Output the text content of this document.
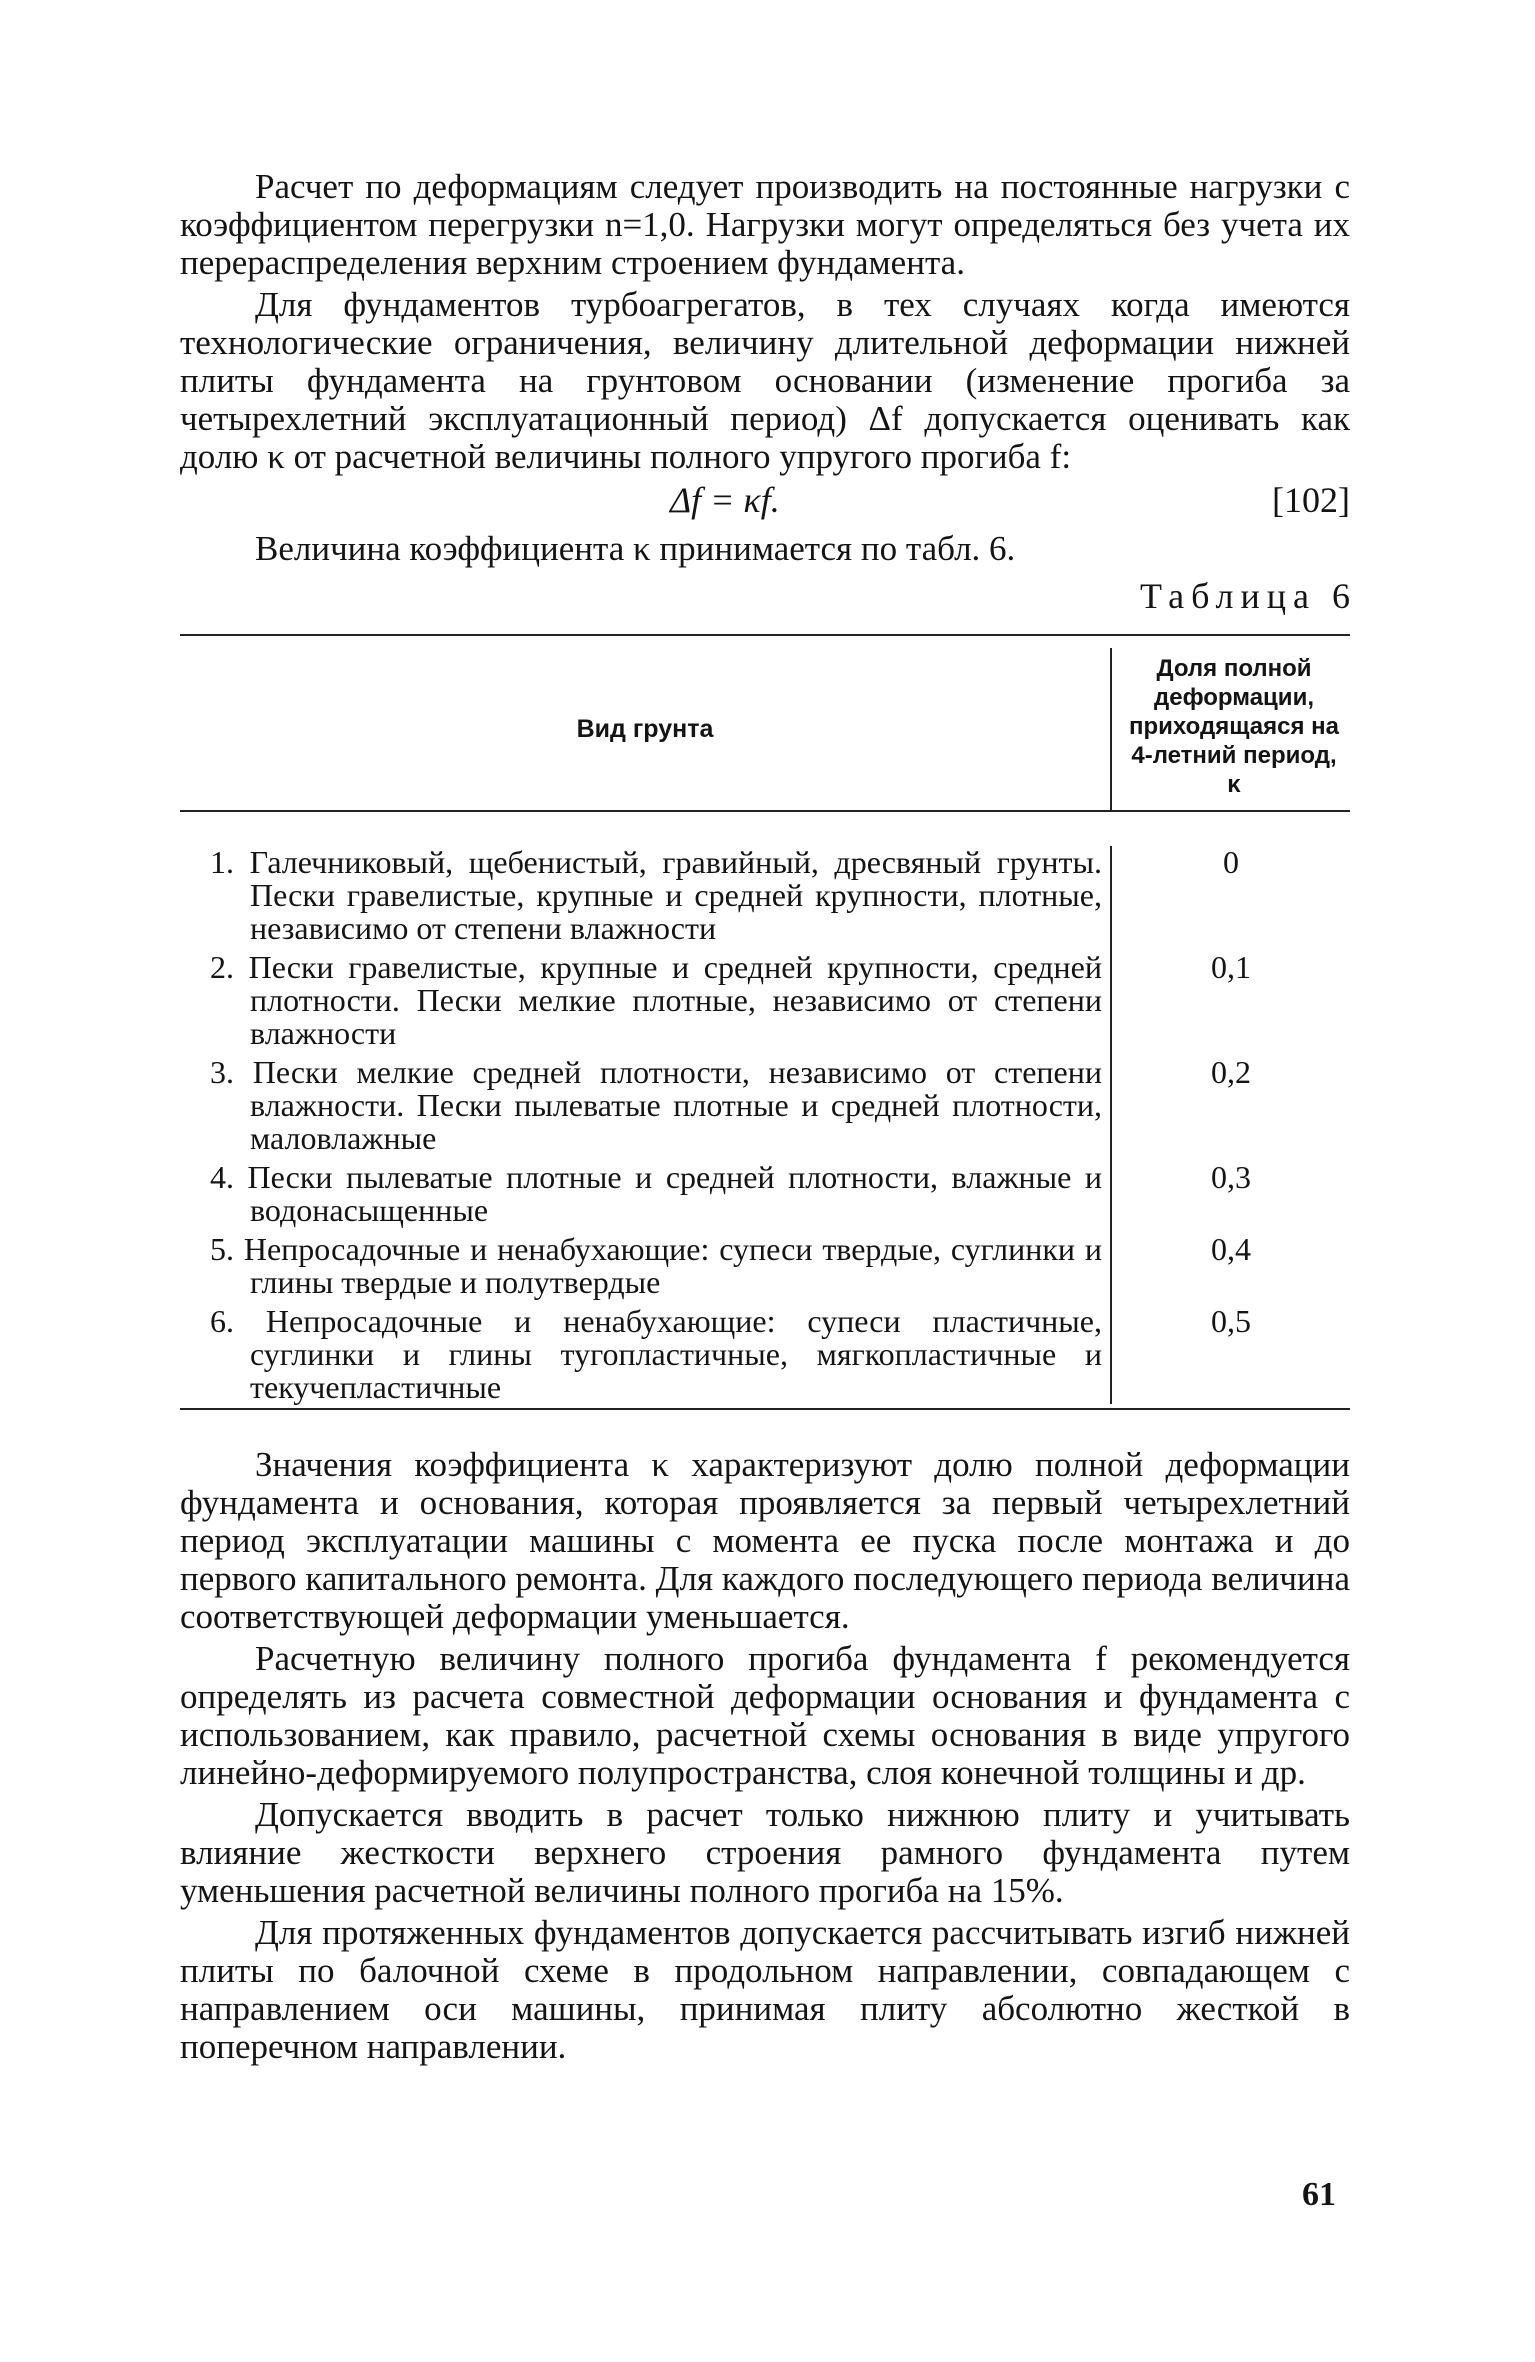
Расчет по деформациям следует производить на постоянные нагрузки с коэффициентом перегрузки n=1,0. Нагрузки могут определяться без учета их перераспределения верхним строением фундамента.

Для фундаментов турбоагрегатов, в тех случаях когда имеются технологические ограничения, величину длительной деформации нижней плиты фундамента на грунтовом основании (изменение прогиба за четырехлетний эксплуатационный период) Δf допускается оценивать как долю κ от расчетной величины полного упругого прогиба f:

Δf = κf.	[102]

Величина коэффициента κ принимается по табл. 6.

Таблица 6
Вид грунта
Доля полной деформации, приходящаяся на 4-летний период, κ
1. Галечниковый, щебенистый, гравийный, дресвяный грунты. Пески гравелистые, крупные и средней крупности, плотные, независимо от степени влажности
0
2. Пески гравелистые, крупные и средней крупности, средней плотности. Пески мелкие плотные, независимо от степени влажности
0,1
3. Пески мелкие средней плотности, независимо от степени влажности. Пески пылеватые плотные и средней плотности, маловлажные
0,2
4. Пески пылеватые плотные и средней плотности, влажные и водонасыщенные
0,3
5. Непросадочные и ненабухающие: супеси твердые, суглинки и глины твердые и полутвердые
0,4
6. Непросадочные и ненабухающие: супеси пластичные, суглинки и глины тугопластичные, мягкопластичные и текучепластичные
0,5

Значения коэффициента κ характеризуют долю полной деформации фундамента и основания, которая проявляется за первый четырехлетний период эксплуатации машины с момента ее пуска после монтажа и до первого капитального ремонта. Для каждого последующего периода величина соответствующей деформации уменьшается.

Расчетную величину полного прогиба фундамента f рекомендуется определять из расчета совместной деформации основания и фундамента с использованием, как правило, расчетной схемы основания в виде упругого линейно-деформируемого полупространства, слоя конечной толщины и др.

Допускается вводить в расчет только нижнюю плиту и учитывать влияние жесткости верхнего строения рамного фундамента путем уменьшения расчетной величины полного прогиба на 15%.

Для протяженных фундаментов допускается рассчитывать изгиб нижней плиты по балочной схеме в продольном направлении, совпадающем с направлением оси машины, принимая плиту абсолютно жесткой в поперечном направлении.

61
